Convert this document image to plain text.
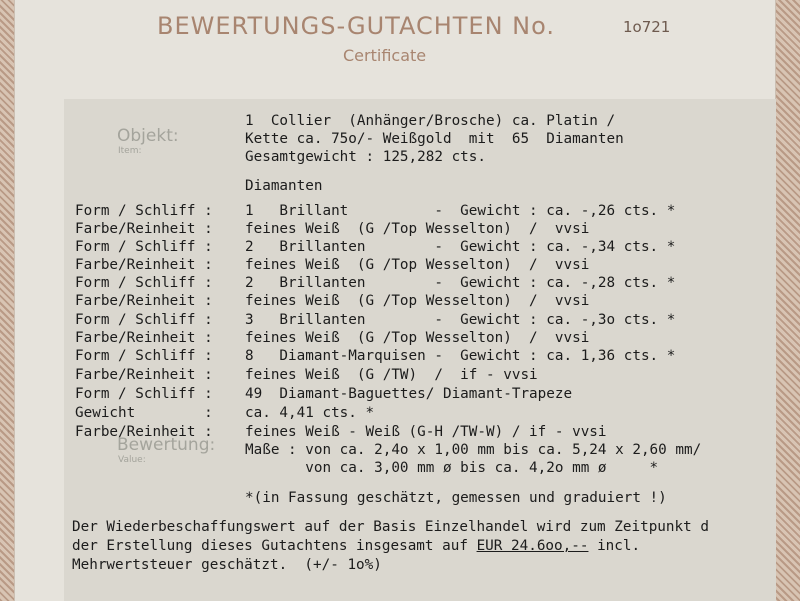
BEWERTUNGS-GUTACHTEN No.	1o721
Certificate
Objekt:
Item:
1  Collier  (Anhänger/Brosche) ca. Platin /
Kette ca. 75o/- Weißgold  mit  65  Diamanten
Gesamtgewicht : 125,282 cts.
Diamanten
Form / Schliff : 1   Brillant          -  Gewicht : ca. -,26 cts. *
Farbe/Reinheit : feines Weiß  (G /Top Wesselton)  /  vvsi
Form / Schliff : 2   Brillanten        -  Gewicht : ca. -,34 cts. *
Farbe/Reinheit : feines Weiß  (G /Top Wesselton)  /  vvsi
Form / Schliff : 2   Brillanten        -  Gewicht : ca. -,28 cts. *
Farbe/Reinheit : feines Weiß  (G /Top Wesselton)  /  vvsi
Form / Schliff : 3   Brillanten        -  Gewicht : ca. -,3o cts. *
Farbe/Reinheit : feines Weiß  (G /Top Wesselton)  /  vvsi
Form / Schliff : 8   Diamant-Marquisen -  Gewicht : ca. 1,36 cts. *
Farbe/Reinheit : feines Weiß  (G /TW)  /  if - vvsi
Form / Schliff : 49  Diamant-Baguettes/ Diamant-Trapeze
Gewicht        : ca. 4,41 cts. *
Bewertung:
Value:
Farbe/Reinheit : feines Weiß - Weiß (G-H /TW-W) / if - vvsi
Maße : von ca. 2,4o x 1,00 mm bis ca. 5,24 x 2,60 mm/
von ca. 3,00 mm ø bis ca. 4,2o mm ø     *
*(in Fassung geschätzt, gemessen und graduiert !)
Der Wiederbeschaffungswert auf der Basis Einzelhandel wird zum Zeitpunkt d
der Erstellung dieses Gutachtens insgesamt auf EUR 24.6oo,-- incl.
Mehrwertsteuer geschätzt.  (+/- 1o%)
